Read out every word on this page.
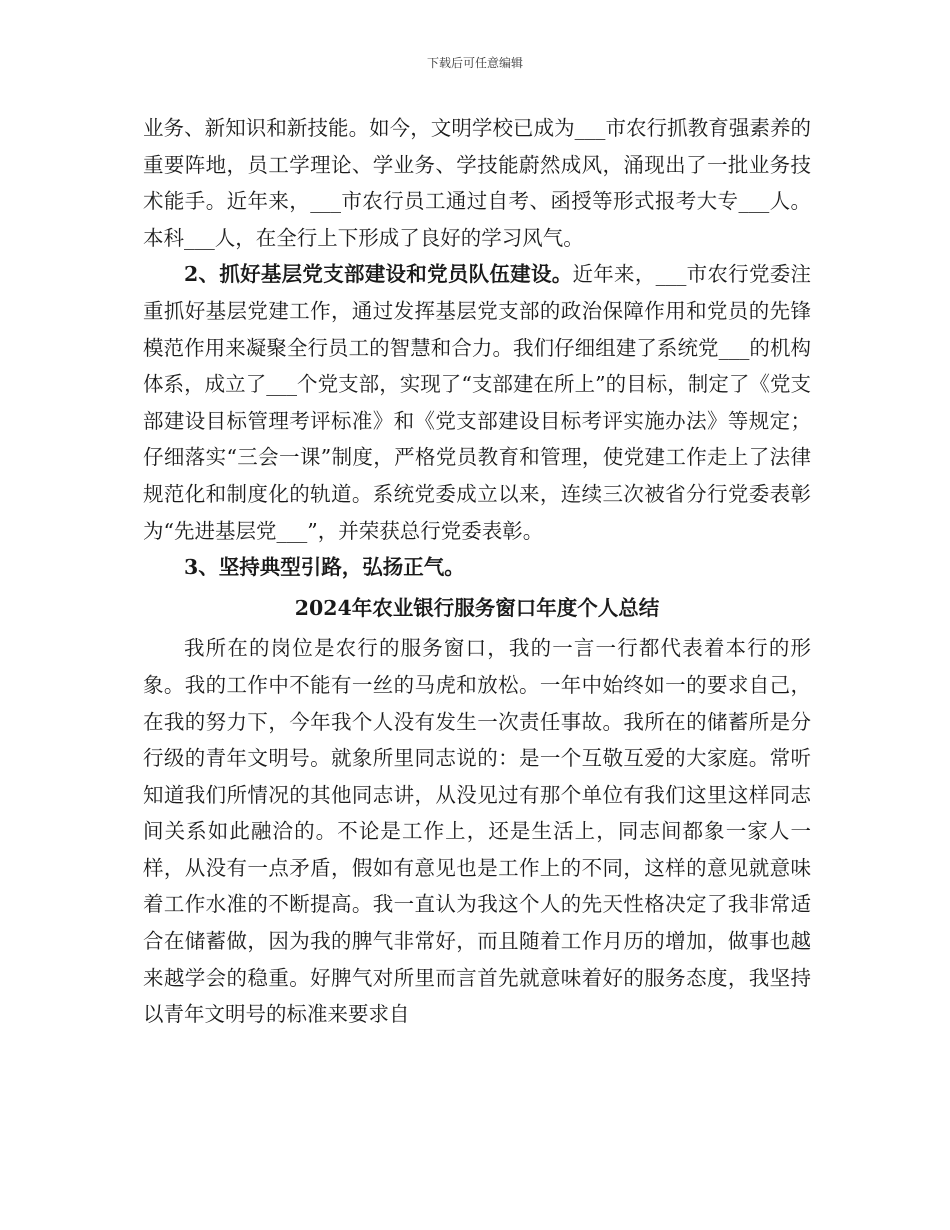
下载后可任意编辑

业务、新知识和新技能。如今，文明学校已成为___市农行抓教育强素养的重要阵地，员工学理论、学业务、学技能蔚然成风，涌现出了一批业务技术能手。近年来，___市农行员工通过自考、函授等形式报考大专___人。本科___人，在全行上下形成了良好的学习风气。

2、抓好基层党支部建设和党员队伍建设。近年来，___市农行党委注重抓好基层党建工作，通过发挥基层党支部的政治保障作用和党员的先锋模范作用来凝聚全行员工的智慧和合力。我们仔细组建了系统党___的机构体系，成立了___个党支部，实现了“支部建在所上”的目标，制定了《党支部建设目标管理考评标准》和《党支部建设目标考评实施办法》等规定；仔细落实“三会一课”制度，严格党员教育和管理，使党建工作走上了法律规范化和制度化的轨道。系统党委成立以来，连续三次被省分行党委表彰为“先进基层党___”，并荣获总行党委表彰。

3、坚持典型引路，弘扬正气。

2024年农业银行服务窗口年度个人总结

我所在的岗位是农行的服务窗口，我的一言一行都代表着本行的形象。我的工作中不能有一丝的马虎和放松。一年中始终如一的要求自己，在我的努力下，今年我个人没有发生一次责任事故。我所在的储蓄所是分行级的青年文明号。就象所里同志说的：是一个互敬互爱的大家庭。常听知道我们所情况的其他同志讲，从没见过有那个单位有我们这里这样同志间关系如此融洽的。不论是工作上，还是生活上，同志间都象一家人一样，从没有一点矛盾，假如有意见也是工作上的不同，这样的意见就意味着工作水准的不断提高。我一直认为我这个人的先天性格决定了我非常适合在储蓄做，因为我的脾气非常好，而且随着工作月历的增加，做事也越来越学会的稳重。好脾气对所里而言首先就意味着好的服务态度，我坚持以青年文明号的标准来要求自
